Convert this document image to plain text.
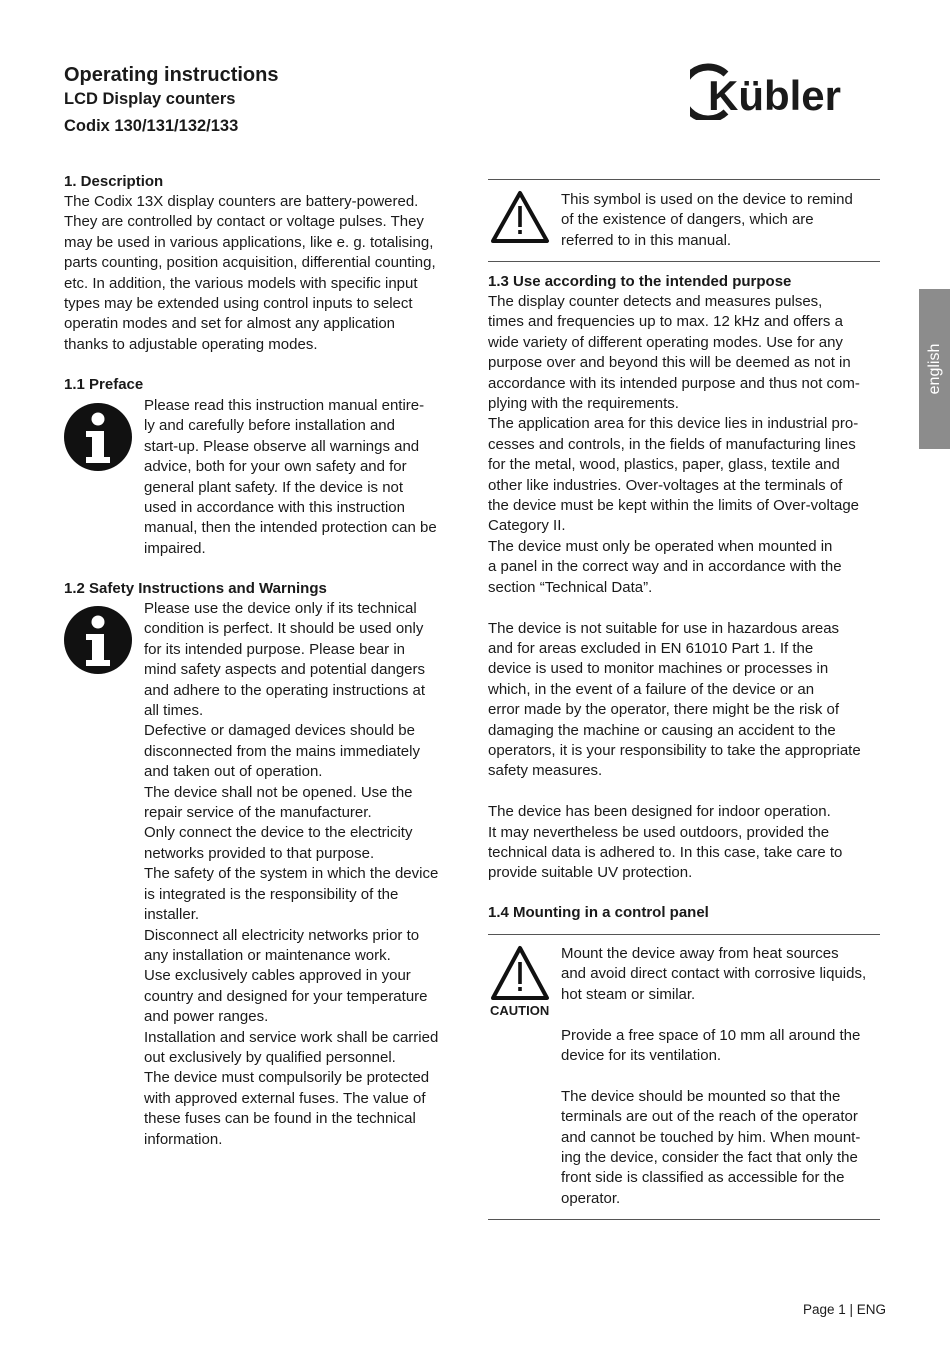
Operating instructions
LCD Display counters
Codix 130/131/132/133
Kübler
english
1. Description
The Codix 13X display counters are battery-powered.
They are controlled by contact or voltage pulses. They
may be used in various applications, like e. g. totalising,
parts counting, position acquisition, differential counting,
etc. In addition, the various models with specific input
types may be extended using control inputs to select
operatin modes and set for almost any application
thanks to adjustable operating modes.
1.1 Preface
Please read this instruction manual entire-
ly and carefully before installation and
start-up. Please observe all warnings and
advice, both for your own safety and for
general plant safety. If the device is not
used in accordance with this instruction
manual, then the intended protection can be
impaired.
1.2 Safety Instructions and Warnings
Please use the device only if its technical
condition is perfect. It should be used only
for its intended purpose. Please bear in
mind safety aspects and potential dangers
and adhere to the operating instructions at
all times.
Defective or damaged devices should be
disconnected from the mains immediately
and taken out of operation.
The device shall not be opened. Use the
repair service of the manufacturer.
Only connect the device to the electricity
networks provided to that purpose.
The safety of the system in which the device
is integrated is the responsibility of the
installer.
Disconnect all electricity networks prior to
any installation or maintenance work.
Use exclusively cables approved in your
country and designed for your temperature
and power ranges.
Installation and service work shall be carried
out exclusively by qualified personnel.
The device must compulsorily be protected
with approved external fuses. The value of
these fuses can be found in the technical
information.
This symbol is used on the device to remind
of the existence of dangers, which are
referred to in this manual.
1.3 Use according to the intended purpose
The display counter detects and measures pulses,
times and frequencies up to max. 12 kHz and offers a
wide variety of different operating modes. Use for any
purpose over and beyond this will be deemed as not in
accordance with its intended purpose and thus not com-
plying with the requirements.
The application area for this device lies in industrial pro-
cesses and controls, in the fields of manufacturing lines
for the metal, wood, plastics, paper, glass, textile and
other like industries. Over-voltages at the terminals of
the device must be kept within the limits of Over-voltage
Category II.
The device must only be operated when mounted in
a panel in the correct way and in accordance with the
section “Technical Data”.

The device is not suitable for use in hazardous areas
and for areas excluded in EN 61010 Part 1. If the
device is used to monitor machines or processes in
which, in the event of a failure of the device or an
error made by the operator, there might be the risk of
damaging the machine or causing an accident to the
operators, it is your responsibility to take the appropriate
safety measures.

The device has been designed for indoor operation.
It may nevertheless be used outdoors, provided the
technical data is adhered to. In this case, take care to
provide suitable UV protection.
1.4 Mounting in a control panel
CAUTION
Mount the device away from heat sources
and avoid direct contact with corrosive liquids,
hot steam or similar.

Provide a free space of 10 mm all around the
device for its ventilation.

The device should be mounted so that the
terminals are out of the reach of the operator
and cannot be touched by him. When mount-
ing the device, consider the fact that only the
front side is classified as accessible for the
operator.
Page 1 | ENG
